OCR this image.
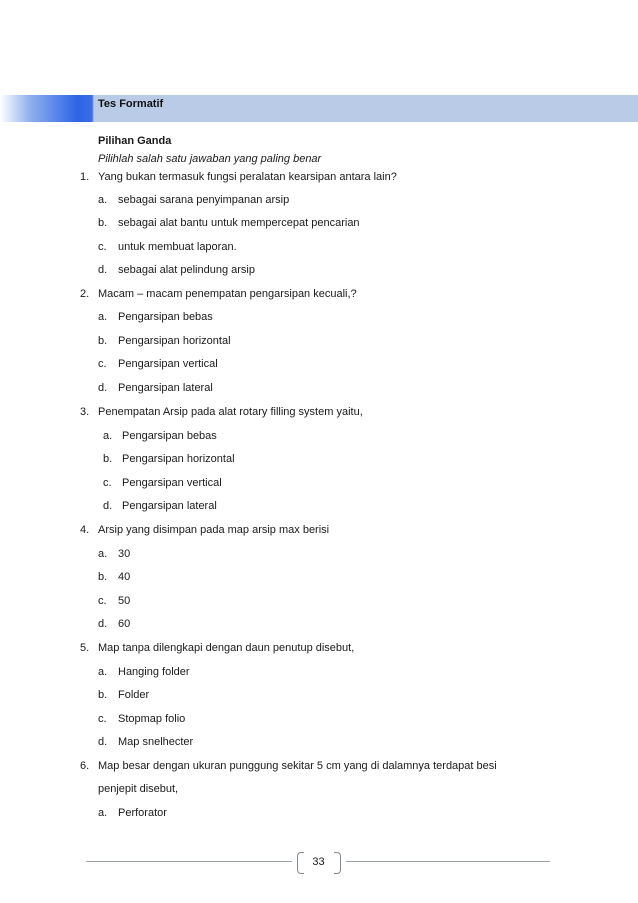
Tes Formatif
Pilihan Ganda
Pilihlah salah satu jawaban yang paling benar
1. Yang bukan termasuk fungsi peralatan kearsipan antara lain?
a. sebagai sarana penyimpanan arsip
b. sebagai alat bantu untuk mempercepat pencarian
c. untuk membuat laporan.
d. sebagai alat pelindung arsip
2. Macam – macam penempatan pengarsipan kecuali,?
a. Pengarsipan bebas
b. Pengarsipan horizontal
c. Pengarsipan vertical
d. Pengarsipan lateral
3. Penempatan Arsip pada alat rotary filling system yaitu,
a. Pengarsipan bebas
b. Pengarsipan horizontal
c. Pengarsipan vertical
d. Pengarsipan lateral
4. Arsip yang disimpan pada map arsip max berisi
a. 30
b. 40
c. 50
d. 60
5. Map tanpa dilengkapi dengan daun penutup disebut,
a. Hanging folder
b. Folder
c. Stopmap folio
d. Map snelhecter
6. Map besar dengan ukuran punggung sekitar 5 cm yang di dalamnya terdapat besi
penjepit disebut,
a. Perforator
33
